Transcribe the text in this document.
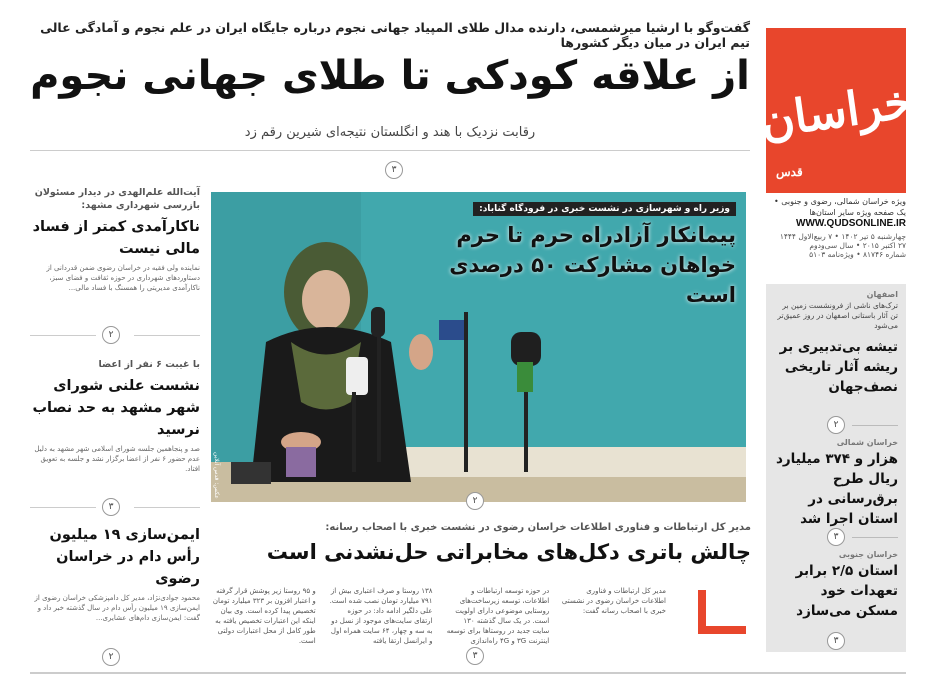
خراسان
قدس
ویژه خراسان شمالی، رضوی و جنوبی • یک صفحه ویژه سایر استان‌ها
WWW.QUDSONLINE.IR
چهارشنبه ۵ تیر ۱۴۰۲ • ۷ ربیع‌الاول ۱۴۴۴
۲۷ اکتبر ۲۰۱۵ • سال سی‌ودوم
شماره ۸۱۷۴۶ • ویژه‌نامه ۵۱۰۳
اصفهان
ترک‌های ناشی از فرونشست زمین بر تن آثار باستانی اصفهان در روز عمیق‌تر می‌شود
تیشه بی‌تدبیری بر ریشه آثار تاریخی نصف‌جهان
۲
خراسان شمالی
هزار و ۳۷۴ میلیارد ریال طرح برق‌رسانی در استان اجرا شد
۳
خراسان جنوبی
استان ۲/۵ برابر تعهدات خود مسکن می‌سازد
۳
گفت‌وگو با ارشیا میرشمسی، دارنده مدال طلای المپیاد جهانی نجوم درباره جایگاه ایران در علم نجوم و آمادگی عالی تیم ایران در میان دیگر کشورها
از علاقه کودکی تا طلای جهانی نجوم
رقابت نزدیک با هند و انگلستان نتیجه‌ای شیرین رقم زد
۳
آیت‌الله علم‌الهدی در دیدار مسئولان بازرسی شهرداری مشهد:
ناکارآمدی کمتر از فساد مالی نیست
نماینده ولی فقیه در خراسان رضوی ضمن قدردانی از دستاوردهای شهرداری در حوزه ثقافت و فضای سبز، ناکارآمدی مدیریتی را همسنگ با فساد مالی...
۲
با غیبت ۶ نفر از اعضا
نشست علنی شورای شهر مشهد به حد نصاب نرسید
صد و پنجاهمین جلسه شورای اسلامی شهر مشهد به دلیل عدم حضور ۶ نفر از اعضا برگزار نشد و جلسه به تعویق افتاد.
۳
ایمن‌سازی ۱۹ میلیون رأس دام در خراسان رضوی
محمود جوادی‌نژاد، مدیر کل دامپزشکی خراسان رضوی از ایمن‌سازی ۱۹ میلیون رأس دام در سال گذشته خبر داد و گفت: ایمن‌سازی دام‌های عشایری...
۲
وزیر راه و شهرسازی در نشست خبری در فرودگاه گناباد:
پیمانکار آزادراه حرم تا حرم خواهان مشارکت ۵۰ درصدی است
عکس: قدس آنلاین
۲
مدیر کل ارتباطات و فناوری اطلاعات خراسان رضوی در نشست خبری با اصحاب رسانه:
چالش باتری دکل‌های مخابراتی حل‌نشدنی است
مدیر کل ارتباطات و فناوری اطلاعات خراسان رضوی در نشستی خبری با اصحاب رسانه گفت:
در حوزه توسعه ارتباطات و اطلاعات، توسعه زیرساخت‌های روستایی موضوعی دارای اولویت است. در یک سال گذشته ۱۳۰ سایت جدید در روستاها برای توسعه اینترنت ۳G و ۴G راه‌اندازی
۱۳۸ روستا و صرف اعتباری بیش از ۷۹۱ میلیارد تومان نصب شده است. علی دلگیر ادامه داد: در حوزه ارتقای سایت‌های موجود از نسل دو به سه و چهار، ۶۴ سایت همراه اول و ایرانسل ارتقا یافته
و ۹۵ روستا زیر پوشش قرار گرفته و اعتبار افزون بر ۳۲۳ میلیارد تومان تخصیص پیدا کرده است. وی بیان اینکه این اعتبارات تخصیص یافته به طور کامل از محل اعتبارات دولتی است.
۳
